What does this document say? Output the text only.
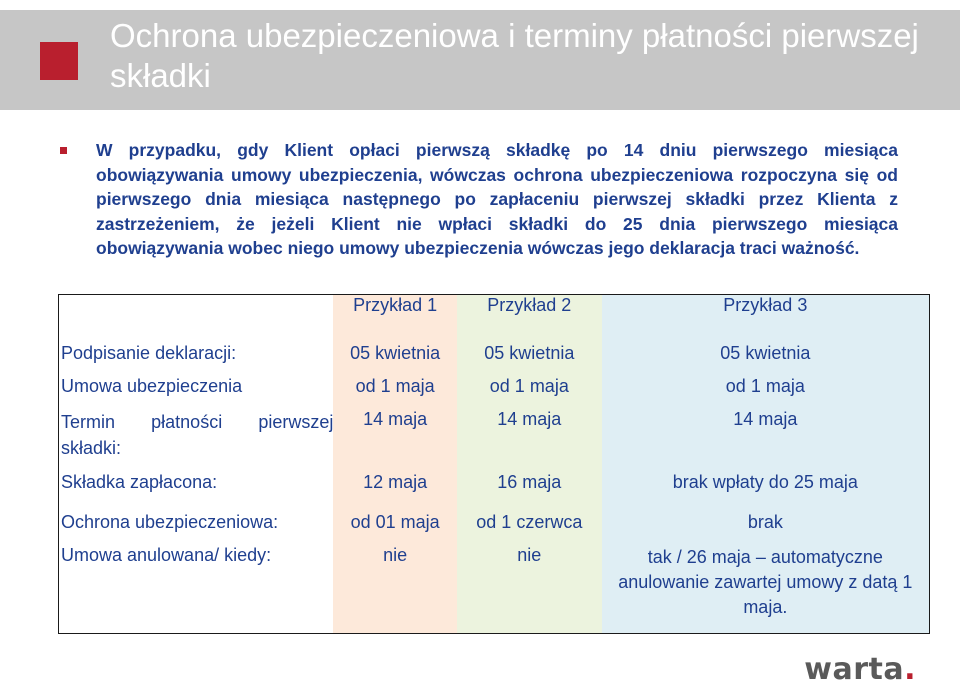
Ochrona ubezpieczeniowa i terminy płatności pierwszej składki
W przypadku, gdy Klient opłaci pierwszą składkę po 14 dniu pierwszego miesiąca obowiązywania umowy ubezpieczenia, wówczas ochrona ubezpieczeniowa rozpoczyna się od pierwszego dnia miesiąca następnego po zapłaceniu pierwszej składki przez Klienta z zastrzeżeniem, że jeżeli Klient nie wpłaci składki do 25 dnia pierwszego miesiąca obowiązywania wobec niego umowy ubezpieczenia wówczas jego deklaracja traci ważność.
	Przykład 1	Przykład 2	Przykład 3
Podpisanie deklaracji:	05 kwietnia	05 kwietnia	05 kwietnia
Umowa ubezpieczenia	od 1 maja	od 1 maja	od 1 maja
Termin płatności pierwszej składki:	14 maja	14 maja	14 maja
Składka zapłacona:	12 maja	16 maja	brak wpłaty do 25 maja
Ochrona ubezpieczeniowa:	od 01 maja	od 1 czerwca	brak
Umowa anulowana/ kiedy:	nie	nie	tak / 26 maja – automatyczne anulowanie zawartej umowy z datą 1 maja.
warta.
